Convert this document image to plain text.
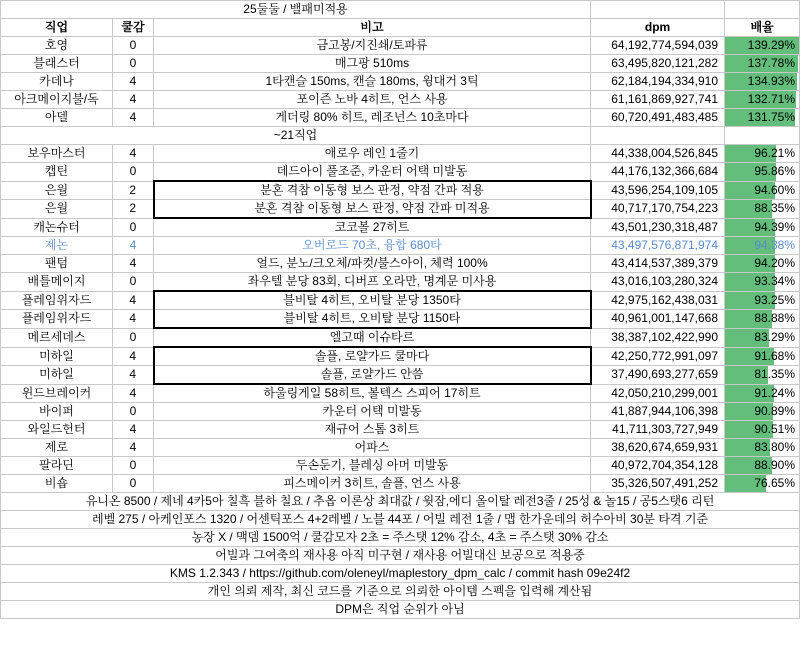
25둘둘 / 밸패미적용				
직업	쿨감	비고	dpm	배율
호영	0	금고봉/지진쇄/토파류	64,192,774,594,039	139.29%
블래스터	0	매그팡 510ms	63,495,820,121,282	137.78%
카데나	4	1타캔슬 150ms, 캔슬 180ms, 윙대거 3틱	62,184,194,334,910	134.93%
아크메이지불/독	4	포이즌 노바 4히트, 언스 사용	61,161,869,927,741	132.71%
아델	4	게더링 80% 히트, 레조넌스 10초마다	60,720,491,483,485	131.75%
~21직업				
보우마스터	4	애로우 레인 1줄기	44,338,004,526,845	96.21%
캡틴	0	데드아이 풀조준, 카운터 어택 미발동	44,176,132,366,684	95.86%
은월	2	분혼 격참 이동형 보스 판정, 약점 간파 적용	43,596,254,109,105	94.60%
은월	2	분혼 격참 이동형 보스 판정, 약점 간파 미적용	40,717,170,754,223	88.35%
캐논슈터	0	코코볼 27히트	43,501,230,318,487	94.39%
제논	4	오버로드 70초, 융합 680타	43,497,576,871,974	94.38%
팬텀	4	얼드, 분노/크오체/파컷/불스아이, 체력 100%	43,414,537,389,379	94.20%
배틀메이지	0	좌우텔 분당 83회, 디버프 오라만, 명계문 미사용	43,016,103,280,324	93.34%
플레임위자드	4	블비탈 4히트, 오비탈 분당 1350타	42,975,162,438,031	93.25%
플레임위자드	4	블비탈 4히트, 오비탈 분당 1150타	40,961,001,147,668	88.88%
메르세데스	0	엘고때 이슈타르	38,387,102,422,990	83.29%
미하일	4	솔플, 로얄가드 쿨마다	42,250,772,991,097	91.68%
미하일	4	솔플, 로얄가드 안씀	37,490,693,277,659	81.35%
윈드브레이커	4	하울링게일 58히트, 볼텍스 스피어 17히트	42,050,210,299,001	91.24%
바이퍼	0	카운터 어택 미발동	41,887,944,106,398	90.89%
와일드헌터	4	재규어 스톰 3히트	41,711,303,727,949	90.51%
제로	4	어파스	38,620,674,659,931	83.80%
팔라딘	0	두손둔기, 블레싱 아머 미발동	40,972,704,354,128	88.90%
비숍	0	피스메이커 3히트, 솔플, 언스 사용	35,326,507,491,252	76.65%
유니온 8500 / 제네 4카5아 칠흑 블하 칠요 / 추옵 이론상 최대값 / 윗잠,에디 올이탈 레전3줄 / 25성 & 놀15 / 공5스탯6 리턴				
레벨 275 / 아케인포스 1320 / 어센틱포스 4+2레벨 / 노블 44포 / 어빌 레전 1줄 / 맵 한가운데의 허수아비 30분 타격 기준				
농장 X / 맥뎀 1500억 / 쿨감모자 2초 = 주스탯 12% 감소, 4초 = 주스탯 30% 감소				
어빌과 그여축의 재사용 아직 미구현 / 재사용 어빌대신 보공으로 적용중				
KMS 1.2.343 / https://github.com/oleneyl/maplestory_dpm_calc / commit hash 09e24f2				
개인 의뢰 제작, 최신 코드를 기준으로 의뢰한 아이템 스펙을 입력해 계산됨				
DPM은 직업 순위가 아님				
